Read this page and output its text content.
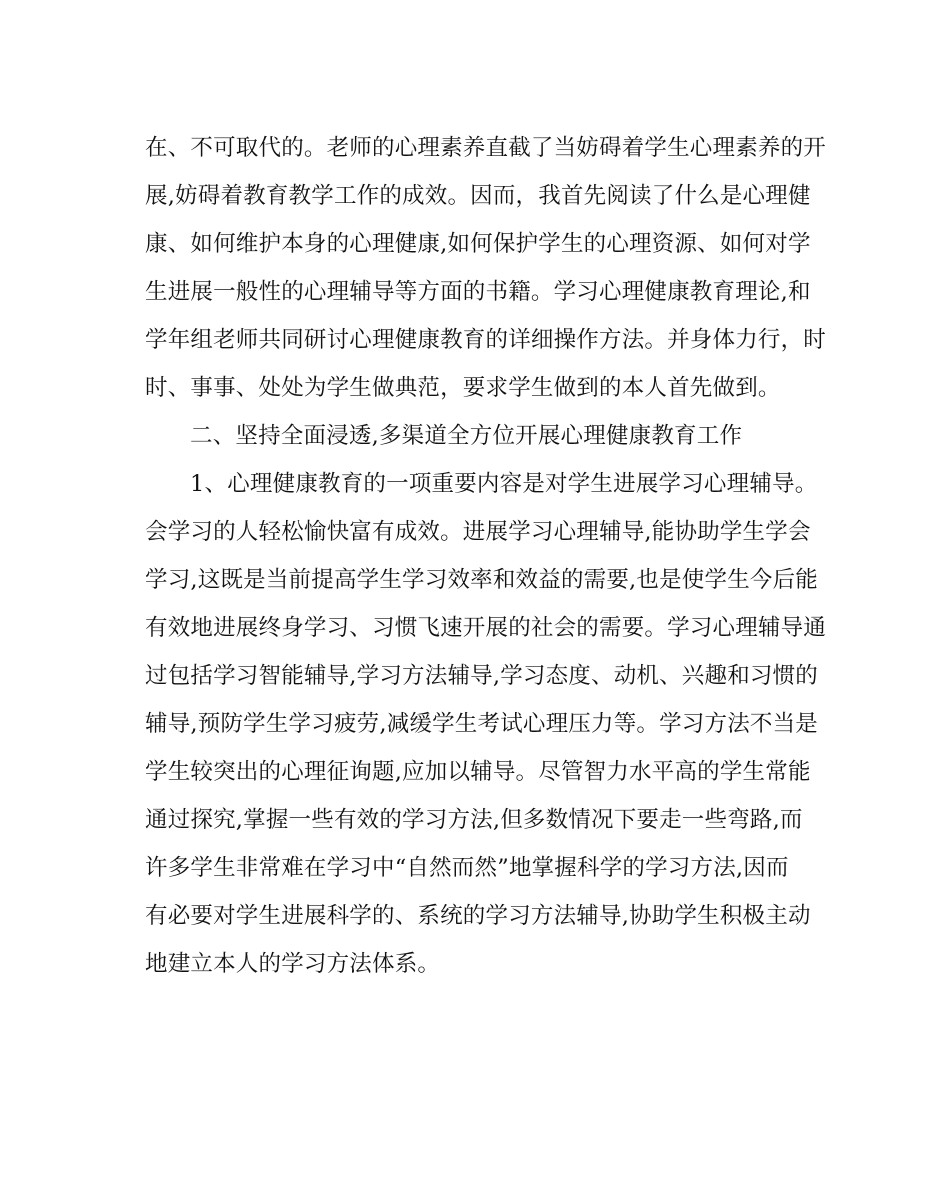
在、不可取代的。老师的心理素养直截了当妨碍着学生心理素养的开
展,妨碍着教育教学工作的成效。因而，我首先阅读了什么是心理健
康、如何维护本身的心理健康,如何保护学生的心理资源、如何对学
生进展一般性的心理辅导等方面的书籍。学习心理健康教育理论,和
学年组老师共同研讨心理健康教育的详细操作方法。并身体力行，时
时、事事、处处为学生做典范，要求学生做到的本人首先做到。
二、坚持全面浸透,多渠道全方位开展心理健康教育工作
1、心理健康教育的一项重要内容是对学生进展学习心理辅导。
会学习的人轻松愉快富有成效。进展学习心理辅导,能协助学生学会
学习,这既是当前提高学生学习效率和效益的需要,也是使学生今后能
有效地进展终身学习、习惯飞速开展的社会的需要。学习心理辅导通
过包括学习智能辅导,学习方法辅导,学习态度、动机、兴趣和习惯的
辅导,预防学生学习疲劳,减缓学生考试心理压力等。学习方法不当是
学生较突出的心理征询题,应加以辅导。尽管智力水平高的学生常能
通过探究,掌握一些有效的学习方法,但多数情况下要走一些弯路,而
许多学生非常难在学习中“自然而然”地掌握科学的学习方法,因而
有必要对学生进展科学的、系统的学习方法辅导,协助学生积极主动
地建立本人的学习方法体系。
